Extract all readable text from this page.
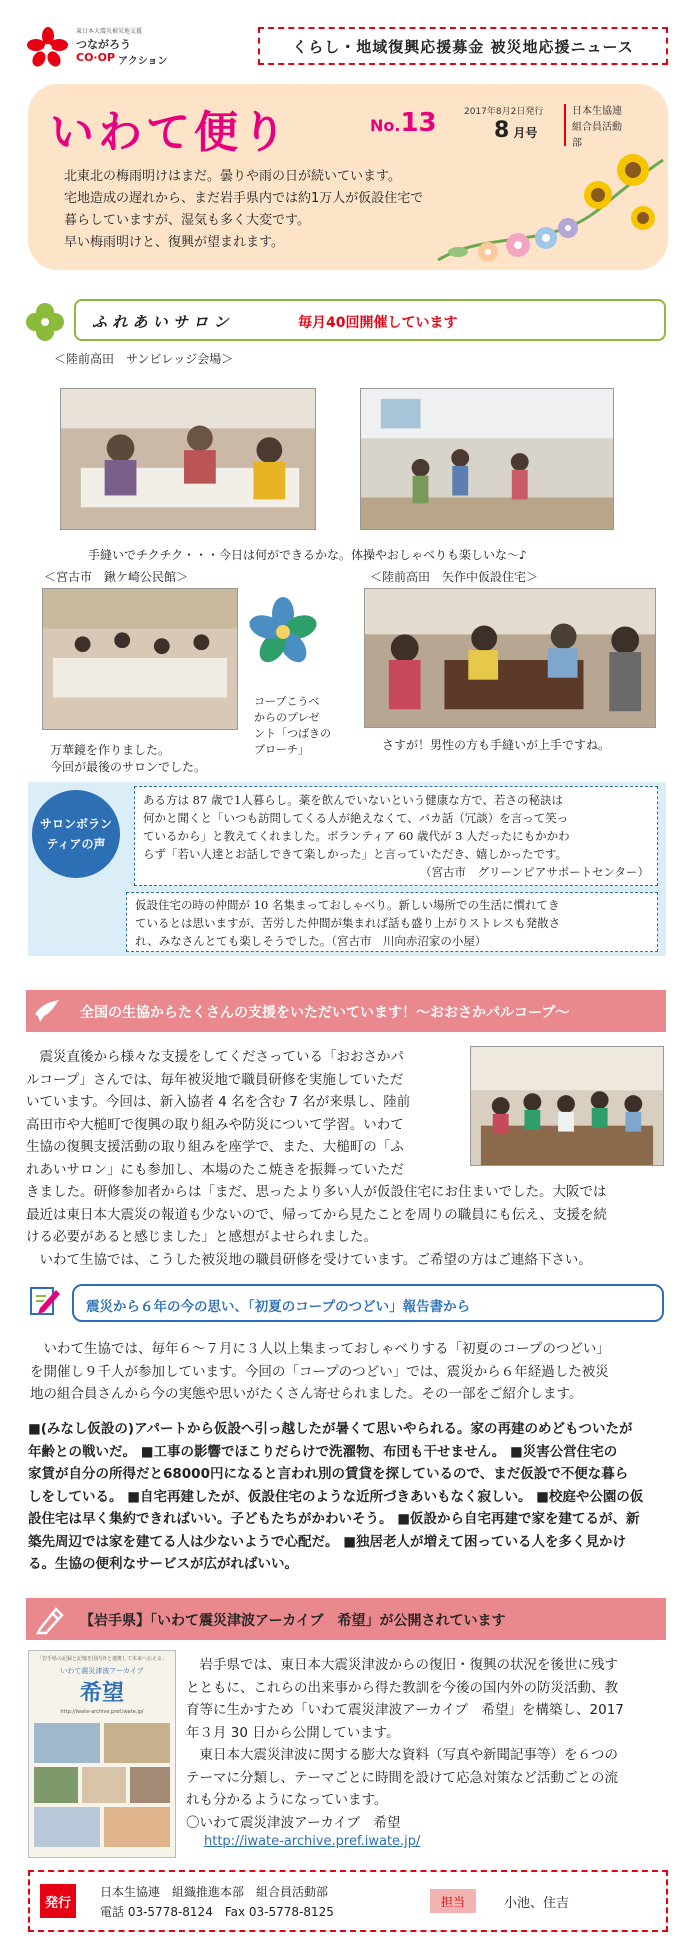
東日本大震災被災地支援
つながろう
CO·OP アクション
くらし・地域復興応援募金 被災地応援ニュース
いわて便り	No.13	2017年8月2日発行
8 月号
日本生協連
組合員活動部
北東北の梅雨明けはまだ。曇りや雨の日が続いています。
宅地造成の遅れから、まだ岩手県内では約1万人が仮設住宅で
暮らしていますが、湿気も多く大変です。
早い梅雨明けと、復興が望まれます。
ふ れ あ い サ ロ ン	毎月40回開催しています
＜陸前高田　サンビレッジ会場＞
手縫いでチクチク・・・今日は何ができるかな。体操やおしゃべりも楽しいな〜♪
＜宮古市　鍬ケ崎公民館＞	＜陸前高田　矢作中仮設住宅＞
コープこうべ
からのプレゼ
ント「つばきの
ブローチ」
万華鏡を作りました。
今回が最後のサロンでした。
さすが！男性の方も手縫いが上手ですね。
サロンボラン
ティアの声
ある方は 87 歳で1人暮らし。薬を飲んでいないという健康な方で、若さの秘訣は
何かと聞くと「いつも訪問してくる人が絶えなくて、バカ話（冗談）を言って笑っ
ているから」と教えてくれました。ボランティア 60 歳代が 3 人だったにもかかわ
らず「若い人達とお話しできて楽しかった」と言っていただき、嬉しかったです。
（宮古市　グリーンピアサポートセンター）
仮設住宅の時の仲間が 10 名集まっておしゃべり。新しい場所での生活に慣れてき
ているとは思いますが、苦労した仲間が集まれば話も盛り上がりストレスも発散さ
れ、みなさんとても楽しそうでした。（宮古市　川向赤沼家の小屋）
全国の生協からたくさんの支援をいただいています！〜おおさかパルコープ〜
　震災直後から様々な支援をしてくださっている「おおさかパ
ルコープ」さんでは、毎年被災地で職員研修を実施していただ
いています。今回は、新入協者 4 名を含む 7 名が来県し、陸前
高田市や大槌町で復興の取り組みや防災について学習。いわて
生協の復興支援活動の取り組みを座学で、また、大槌町の「ふ
れあいサロン」にも参加し、本場のたこ焼きを振舞っていただ
きました。研修参加者からは「まだ、思ったより多い人が仮設住宅にお住まいでした。大阪では
最近は東日本大震災の報道も少ないので、帰ってから見たことを周りの職員にも伝え、支援を続
ける必要があると感じました」と感想がよせられました。
　いわて生協では、こうした被災地の職員研修を受けています。ご希望の方はご連絡下さい。
震災から６年の今の思い、「初夏のコープのつどい」報告書から
　いわて生協では、毎年６〜７月に３人以上集まっておしゃべりする「初夏のコープのつどい」
を開催し９千人が参加しています。今回の「コープのつどい」では、震災から６年経過した被災
地の組合員さんから今の実態や思いがたくさん寄せられました。その一部をご紹介します。
■(みなし仮設の)アパートから仮設へ引っ越したが暑くて思いやられる。家の再建のめどもついたが
年齢との戦いだ。 ■工事の影響でほこりだらけで洗濯物、布団も干せません。 ■災害公営住宅の
家賃が自分の所得だと68000円になると言われ別の賃貸を探しているので、まだ仮設で不便な暮ら
しをしている。 ■自宅再建したが、仮設住宅のような近所づきあいもなく寂しい。 ■校庭や公園の仮
設住宅は早く集約できればいい。子どもたちがかわいそう。 ■仮設から自宅再建で家を建てるが、新
築先周辺では家を建てる人は少ないようで心配だ。 ■独居老人が増えて困っている人を多く見かけ
る。生協の便利なサービスが広がればいい。
【岩手県】「いわて震災津波アーカイブ　希望」が公開されています
「岩手県の記録と記憶を国内外と連携して未来へ伝える」
いわて震災津波アーカイブ
希望
http://iwate-archive.pref.iwate.jp/
　岩手県では、東日本大震災津波からの復旧・復興の状況を後世に残す
とともに、これらの出来事から得た教訓を今後の国内外の防災活動、教
育等に生かすため「いわて震災津波アーカイブ　希望」を構築し、2017
年３月 30 日から公開しています。
　東日本大震災津波に関する膨大な資料（写真や新聞記事等）を６つの
テーマに分類し、テーマごとに時間を設けて応急対策など活動ごとの流
れも分かるようになっています。
〇いわて震災津波アーカイブ　希望
http://iwate-archive.pref.iwate.jp/
発行
日本生協連　組織推進本部　組合員活動部
電話 03-5778-8124　Fax 03-5778-8125
担当	小池、住吉
